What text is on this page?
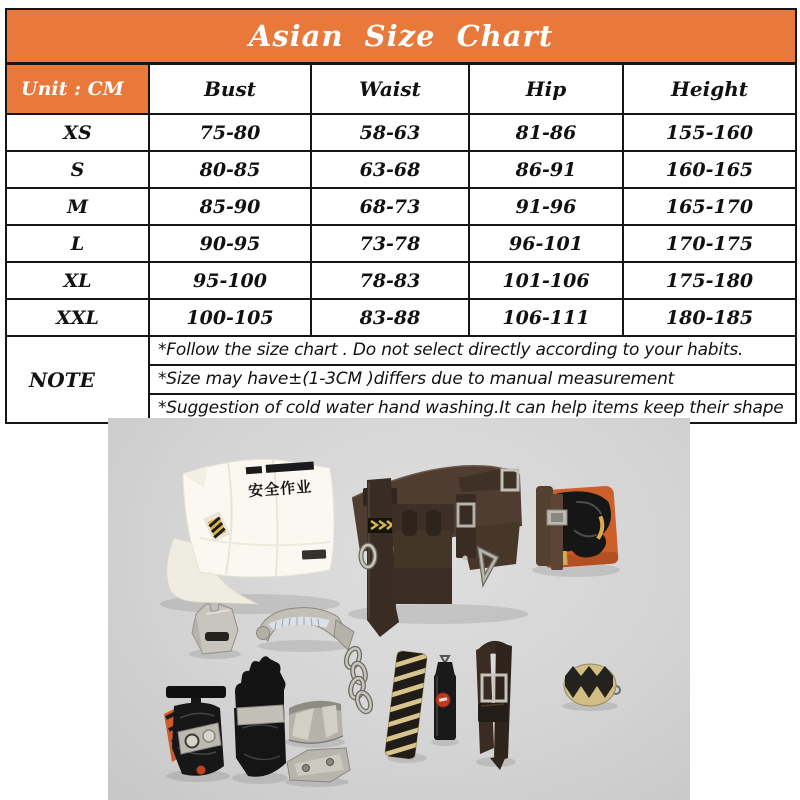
Asian Size Chart				
Unit : CM	Bust	Waist	Hip	Height
XS	75-80	58-63	81-86	155-160
S	80-85	63-68	86-91	160-165
M	85-90	68-73	91-96	165-170
L	90-95	73-78	96-101	170-175
XL	95-100	78-83	101-106	175-180
XXL	100-105	83-88	106-111	180-185
NOTE	*Follow the size chart . Do not select directly according to your habits.
*Size may have±(1-3CM )differs due to manual measurement
*Suggestion of cold water hand washing.It can help items keep their shape			
安全作业
